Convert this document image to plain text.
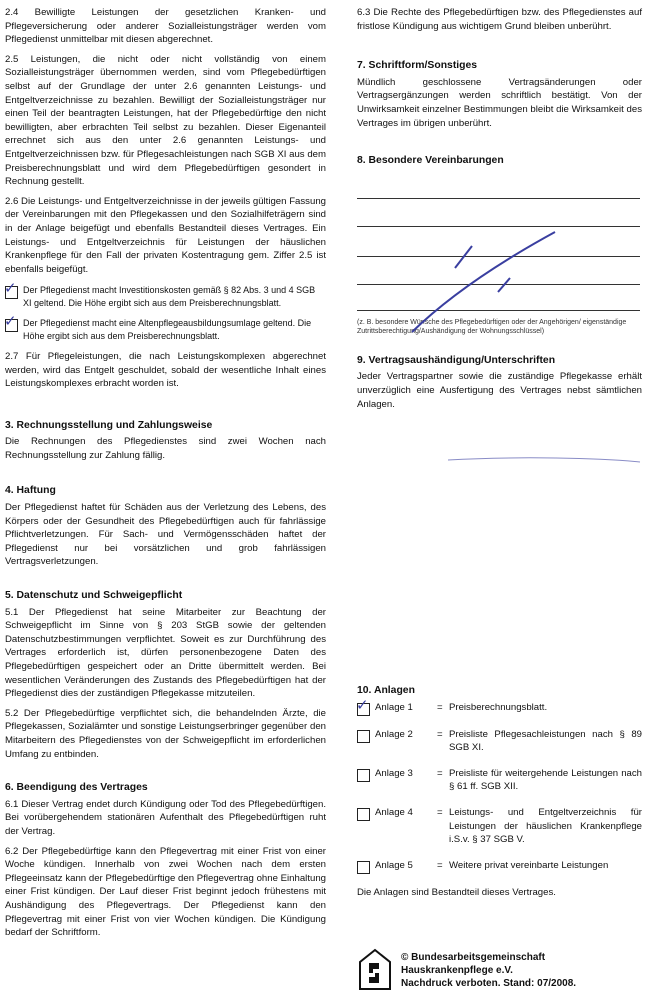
2.4 Bewilligte Leistungen der gesetzlichen Kranken- und Pflegeversicherung oder anderer Sozialleistungsträger werden vom Pflegedienst unmittelbar mit diesen abgerechnet.

2.5 Leistungen, die nicht oder nicht vollständig von einem Sozialleistungsträger übernommen werden, sind vom Pflegebedürftigen selbst auf der Grundlage der unter 2.6 genannten Leistungs- und Entgeltverzeichnisse zu bezahlen. Bewilligt der Sozialleistungsträger nur einen Teil der beantragten Leistungen, hat der Pflegebedürftige den nicht bewilligten, aber erbrachten Teil selbst zu bezahlen. Dieser Eigenanteil errechnet sich aus den unter 2.6 genannten Leistungs- und Entgeltverzeichnissen bzw. für Pflegesachleistungen nach SGB XI aus dem Preisberechnungsblatt und wird dem Pflegebedürftigen gesondert in Rechnung gestellt.

2.6 Die Leistungs- und Entgeltverzeichnisse in der jeweils gültigen Fassung der Vereinbarungen mit den Pflegekassen und den Sozialhilfeträgern sind in der Anlage beigefügt und ebenfalls Bestandteil dieses Vertrages. Ein Leistungs- und Entgeltverzeichnis für Leistungen der häuslichen Krankenpflege für den Fall der privaten Kostentragung gem. Ziffer 2.5 ist ebenfalls beigefügt.

✓
Der Pflegedienst macht Investitionskosten gemäß § 82 Abs. 3 und 4 SGB XI geltend. Die Höhe ergibt sich aus dem Preisberechnungsblatt.
✓
Der Pflegedienst macht eine Altenpflegeausbildungsumlage geltend. Die Höhe ergibt sich aus dem Preisberechnungsblatt.

2.7 Für Pflegeleistungen, die nach Leistungskomplexen abgerechnet werden, wird das Entgelt geschuldet, sobald der wesentliche Inhalt eines Leistungskomplexes erbracht worden ist.

3. Rechnungsstellung und Zahlungsweise

Die Rechnungen des Pflegedienstes sind zwei Wochen nach Rechnungsstellung zur Zahlung fällig.

4. Haftung

Der Pflegedienst haftet für Schäden aus der Verletzung des Lebens, des Körpers oder der Gesundheit des Pflegebedürftigen auch für fahrlässige Pflichtverletzungen. Für Sach- und Vermögensschäden haftet der Pflegedienst nur bei vorsätzlichen und grob fahrlässigen Vertragsverletzungen.

5. Datenschutz und Schweigepflicht

5.1 Der Pflegedienst hat seine Mitarbeiter zur Beachtung der Schweigepflicht im Sinne von § 203 StGB sowie der geltenden Datenschutzbestimmungen verpflichtet. Soweit es zur Durchführung des Vertrages erforderlich ist, dürfen personenbezogene Daten des Pflegebedürftigen gespeichert oder an Dritte übermittelt werden. Bei wesentlichen Veränderungen des Zustands des Pflegebedürftigen hat der Pflegedienst dies der zuständigen Pflegekasse mitzuteilen.

5.2 Der Pflegebedürftige verpflichtet sich, die behandelnden Ärzte, die Pflegekassen, Sozialämter und sonstige Leistungserbringer gegenüber den Mitarbeitern des Pflegedienstes von der Schweigepflicht im erforderlichen Umfang zu entbinden.

6. Beendigung des Vertrages

6.1 Dieser Vertrag endet durch Kündigung oder Tod des Pflegebedürftigen. Bei vorübergehendem stationären Aufenthalt des Pflegebedürftigen ruht der Vertrag.

6.2 Der Pflegebedürftige kann den Pflegevertrag mit einer Frist von einer Woche kündigen. Innerhalb von zwei Wochen nach dem ersten Pflegeeinsatz kann der Pflegebedürftige den Pflegevertrag ohne Einhaltung einer Frist kündigen. Der Lauf dieser Frist beginnt jedoch frühestens mit Aushändigung des Pflegevertrags. Der Pflegedienst kann den Pflegevertrag mit einer Frist von vier Wochen kündigen. Die Kündigung bedarf der Schriftform.

6.3 Die Rechte des Pflegebedürftigen bzw. des Pflegedienstes auf fristlose Kündigung aus wichtigem Grund bleiben unberührt.

7. Schriftform/Sonstiges

Mündlich geschlossene Vertragsänderungen oder Vertragsergänzungen werden schriftlich bestätigt. Von der Unwirksamkeit einzelner Bestimmungen bleibt die Wirksamkeit des Vertrages im übrigen unberührt.

8. Besondere Vereinbarungen
(z. B. besondere Wünsche des Pflegebedürftigen oder der Angehörigen/ eigenständige Zutrittsberechtigung/Aushändigung der Wohnungsschlüssel)
9. Vertragsaushändigung/Unterschriften

Jeder Vertragspartner sowie die zuständige Pflegekasse erhält unverzüglich eine Ausfertigung des Vertrages nebst sämtlichen Anlagen.

10. Anlagen
✓
Anlage 1	= Preisberechnungsblatt.
Anlage 2	= Preisliste Pflegesachleistungen nach § 89 SGB XI.
Anlage 3	= Preisliste für weitergehende Leistungen nach § 61 ff. SGB XII.
Anlage 4	= Leistungs- und Entgeltverzeichnis für Leistungen der häuslichen Krankenpflege i.S.v. § 37 SGB V.
Anlage 5	= Weitere privat vereinbarte Leistungen

Die Anlagen sind Bestandteil dieses Vertrages.

© Bundesarbeitsgemeinschaft
Hauskrankenpflege e.V.
Nachdruck verboten. Stand: 07/2008.
